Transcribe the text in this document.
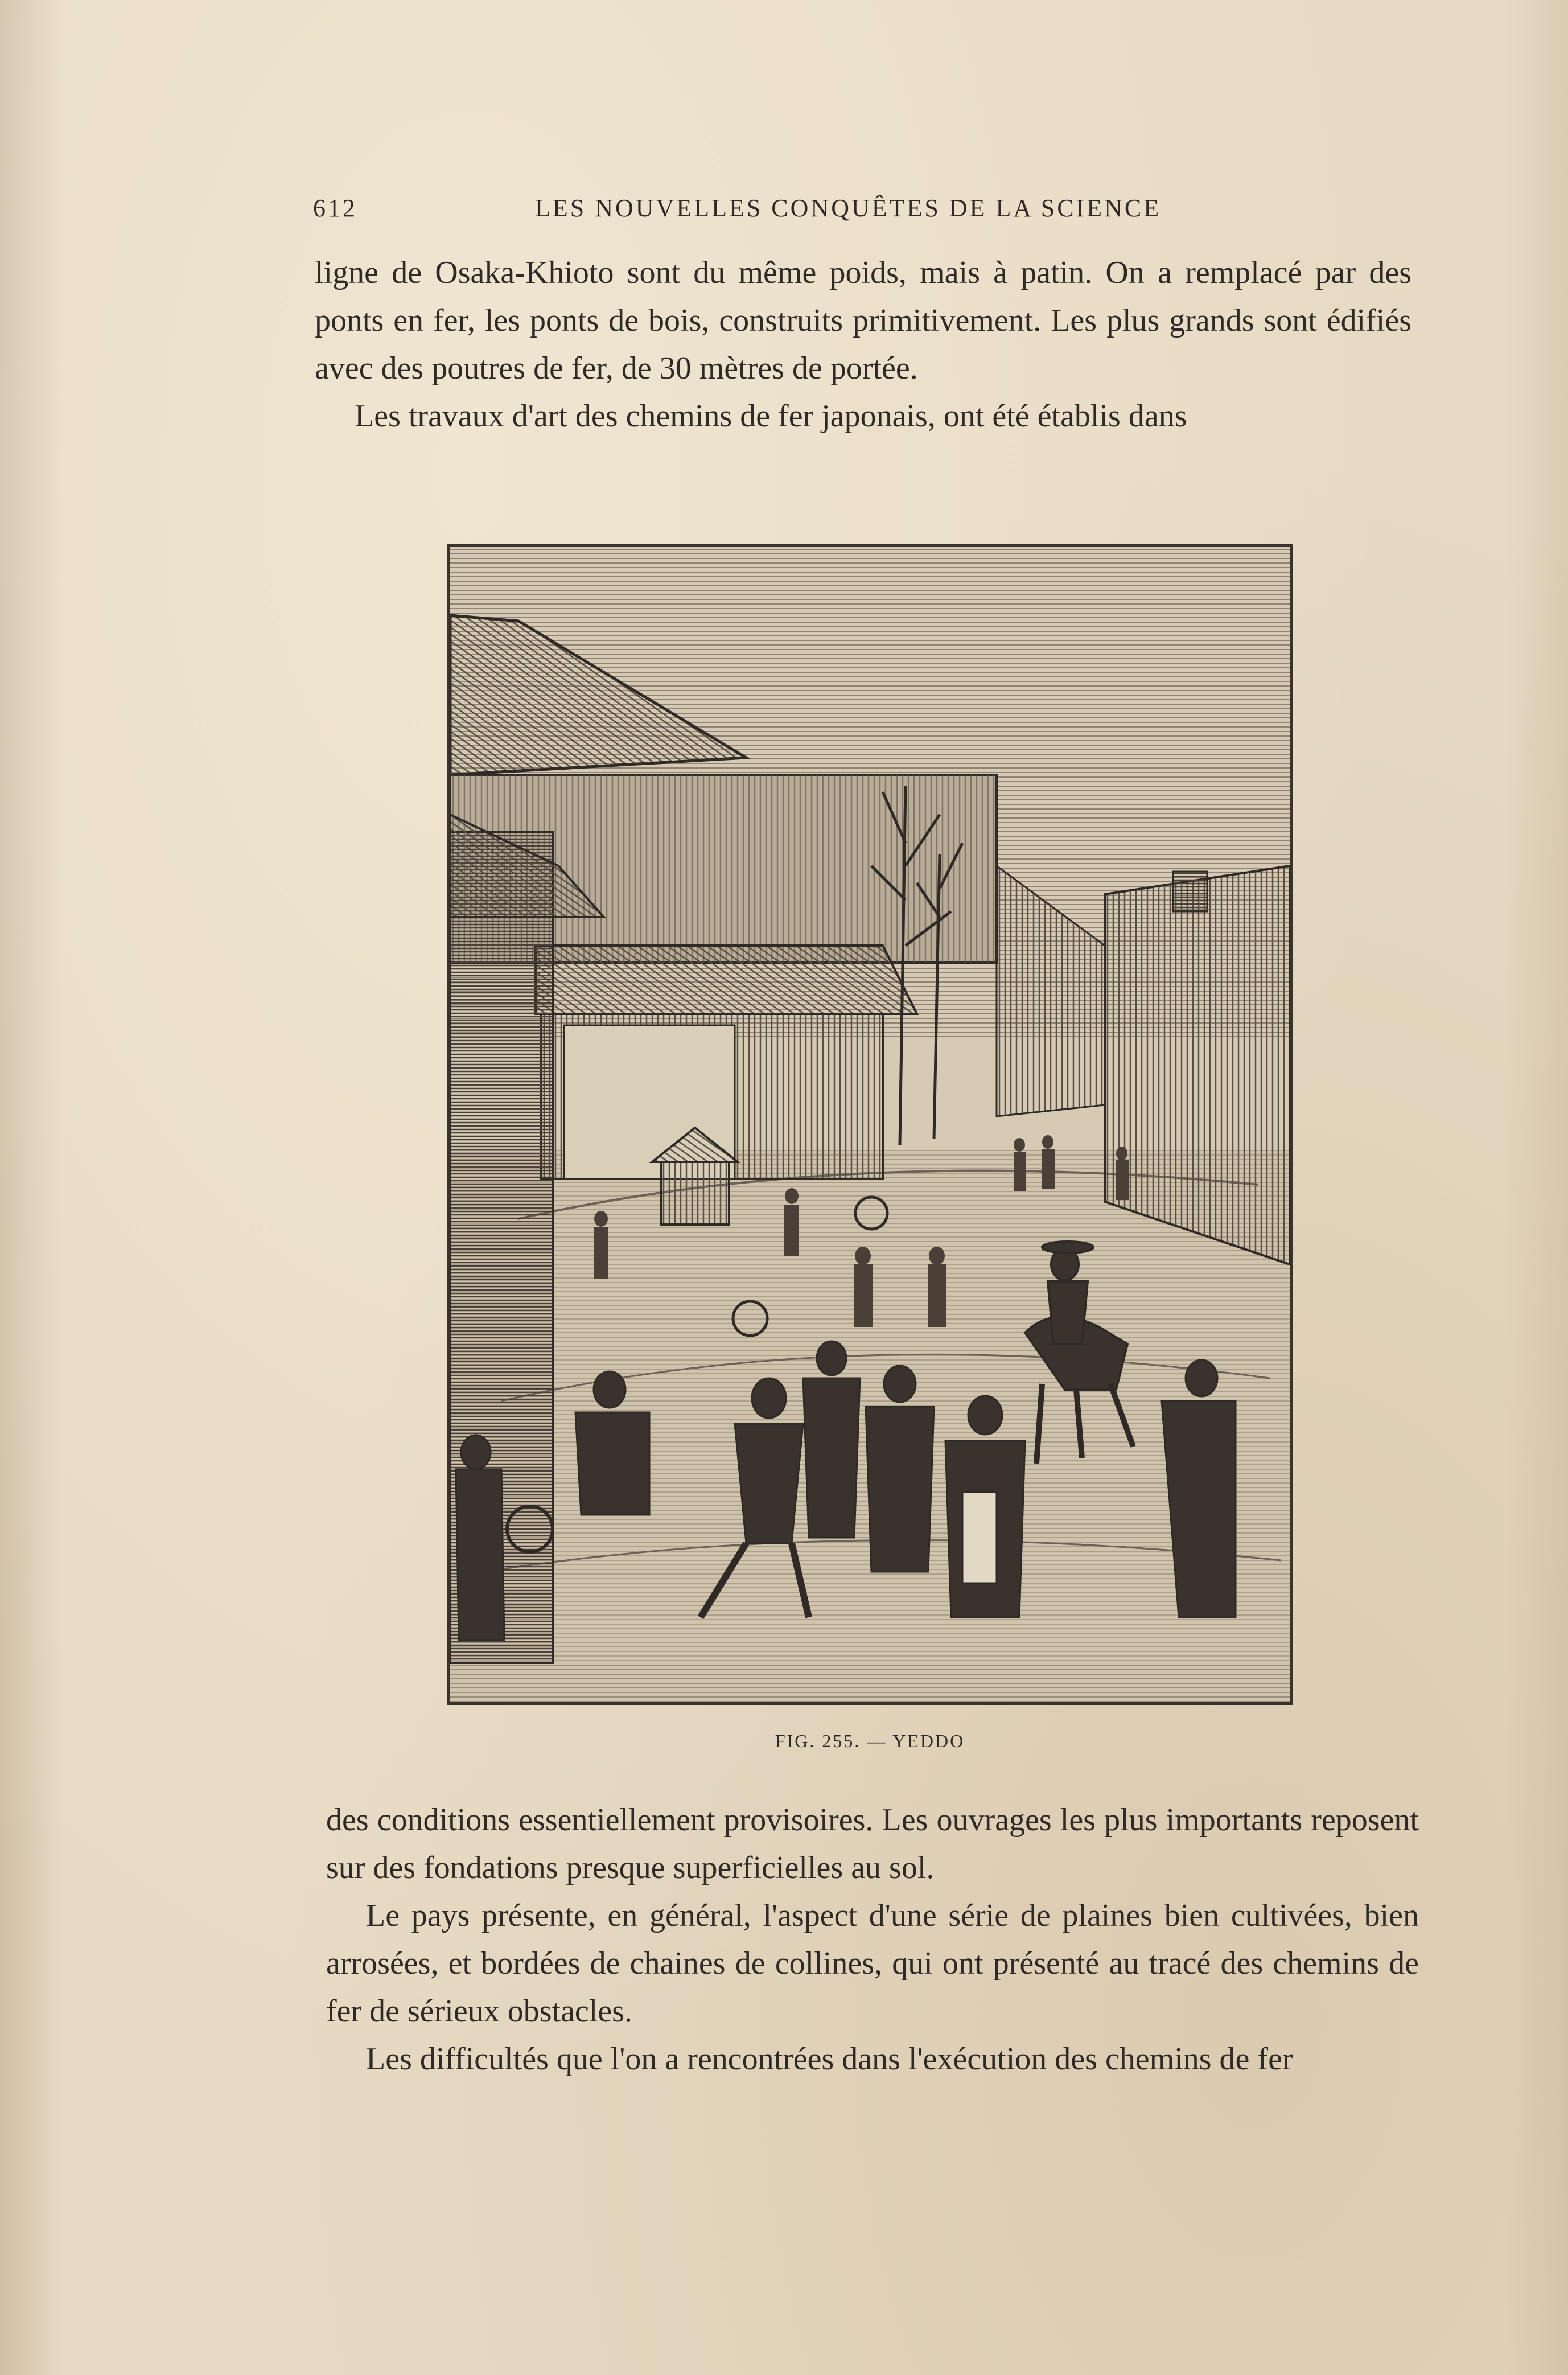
612	LES NOUVELLES CONQUÊTES DE LA SCIENCE

ligne de Osaka-Khioto sont du même poids, mais à patin. On a remplacé par des ponts en fer, les ponts de bois, construits primitivement. Les plus grands sont édifiés avec des poutres de fer, de 30 mètres de portée.

Les travaux d'art des chemins de fer japonais, ont été établis dans

FIG. 255. — YEDDO

des conditions essentiellement provisoires. Les ouvrages les plus importants reposent sur des fondations presque superficielles au sol.

Le pays présente, en général, l'aspect d'une série de plaines bien cultivées, bien arrosées, et bordées de chaines de collines, qui ont présenté au tracé des chemins de fer de sérieux obstacles.

Les difficultés que l'on a rencontrées dans l'exécution des chemins de fer
